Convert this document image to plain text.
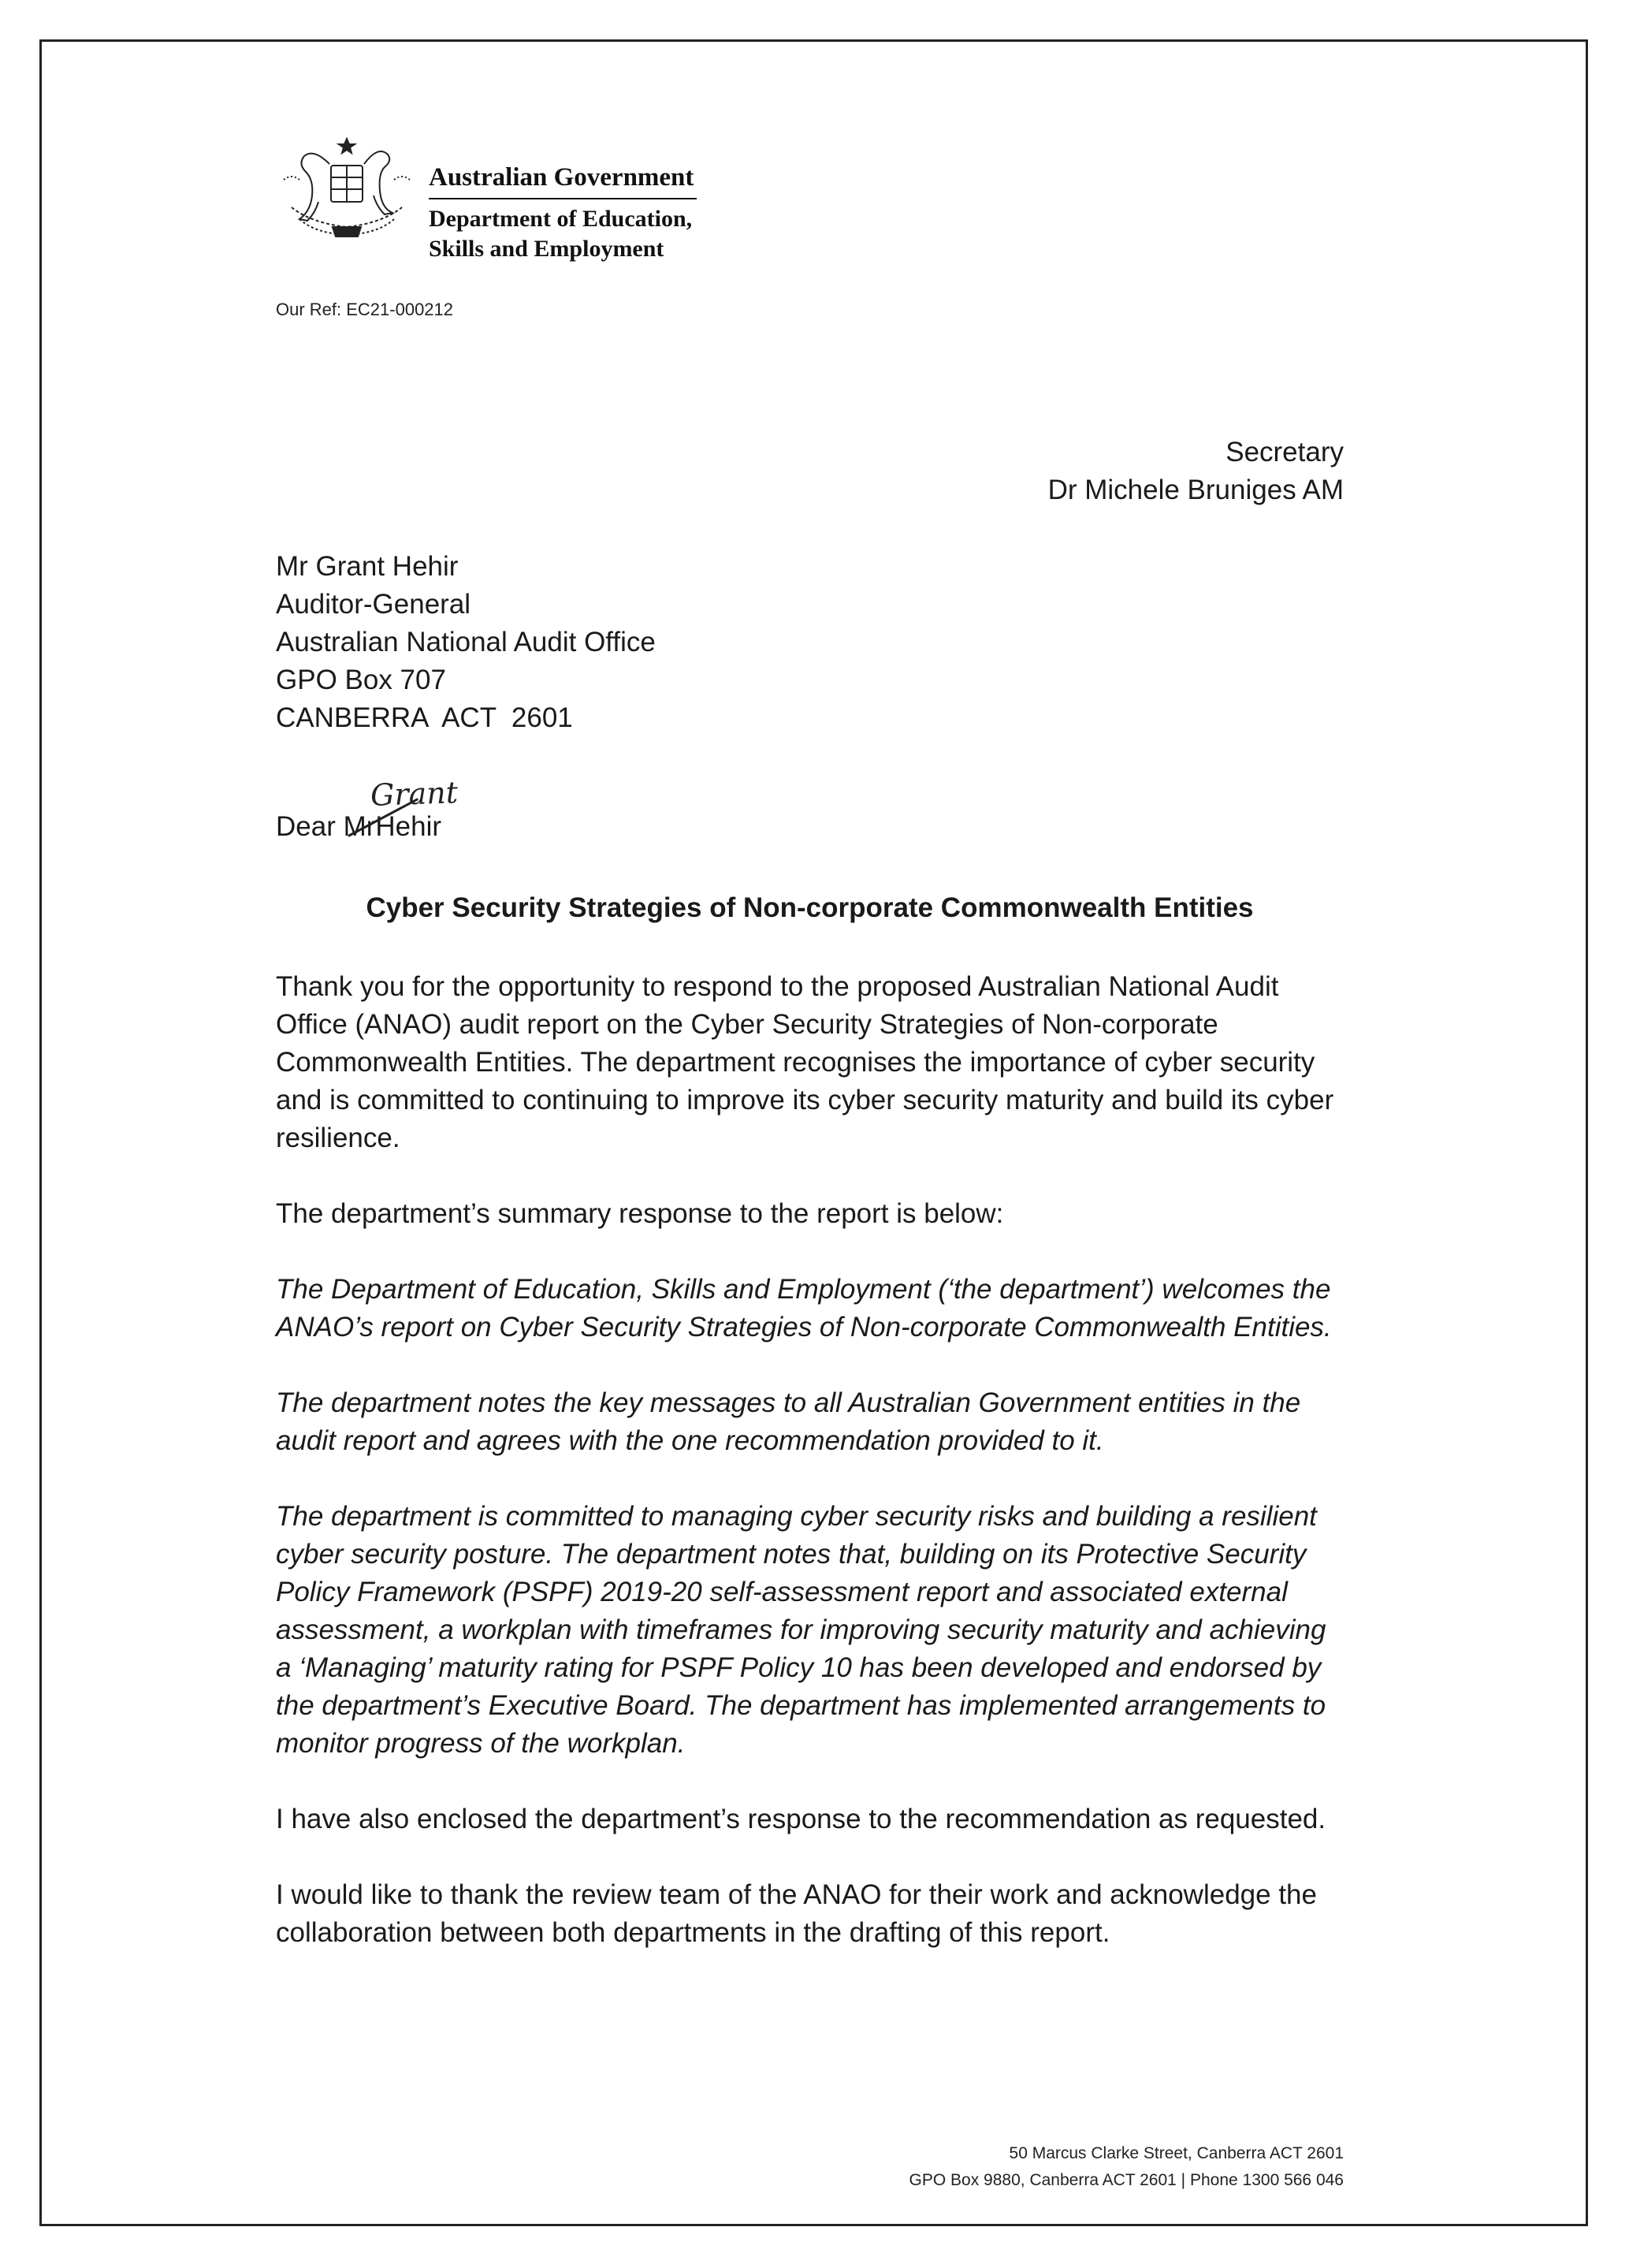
Australian Government
Department of Education,
Skills and Employment
Our Ref: EC21-000212
Secretary
Dr Michele Bruniges AM
Mr Grant Hehir
Auditor-General
Australian National Audit Office
GPO Box 707
CANBERRA  ACT  2601
Grant
Dear MrHehir
Cyber Security Strategies of Non-corporate Commonwealth Entities

Thank you for the opportunity to respond to the proposed Australian National Audit Office (ANAO) audit report on the Cyber Security Strategies of Non-corporate Commonwealth Entities. The department recognises the importance of cyber security and is committed to continuing to improve its cyber security maturity and build its cyber resilience.

The department’s summary response to the report is below:

The Department of Education, Skills and Employment (‘the department’) welcomes the ANAO’s report on Cyber Security Strategies of Non-corporate Commonwealth Entities.

The department notes the key messages to all Australian Government entities in the audit report and agrees with the one recommendation provided to it.

The department is committed to managing cyber security risks and building a resilient cyber security posture. The department notes that, building on its Protective Security Policy Framework (PSPF) 2019-20 self-assessment report and associated external assessment, a workplan with timeframes for improving security maturity and achieving a ‘Managing’ maturity rating for PSPF Policy 10 has been developed and endorsed by the department’s Executive Board. The department has implemented arrangements to monitor progress of the workplan.

I have also enclosed the department’s response to the recommendation as requested.

I would like to thank the review team of the ANAO for their work and acknowledge the collaboration between both departments in the drafting of this report.

50 Marcus Clarke Street, Canberra ACT 2601
GPO Box 9880, Canberra ACT 2601 | Phone 1300 566 046
